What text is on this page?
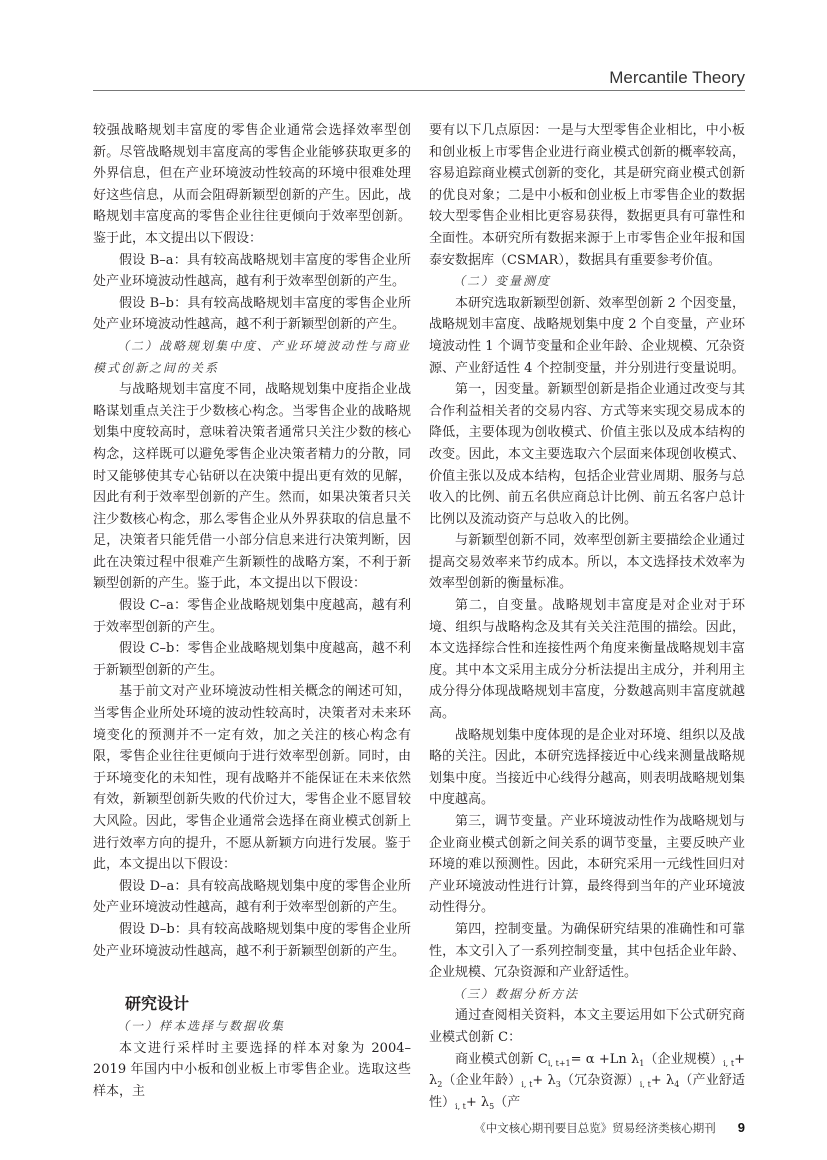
Mercantile Theory

较强战略规划丰富度的零售企业通常会选择效率型创新。尽管战略规划丰富度高的零售企业能够获取更多的外界信息，但在产业环境波动性较高的环境中很难处理好这些信息，从而会阻碍新颖型创新的产生。因此，战略规划丰富度高的零售企业往往更倾向于效率型创新。鉴于此，本文提出以下假设：

假设 B–a：具有较高战略规划丰富度的零售企业所处产业环境波动性越高，越有利于效率型创新的产生。

假设 B–b：具有较高战略规划丰富度的零售企业所处产业环境波动性越高，越不利于新颖型创新的产生。

（二）战略规划集中度、产业环境波动性与商业模式创新之间的关系

与战略规划丰富度不同，战略规划集中度指企业战略谋划重点关注于少数核心构念。当零售企业的战略规划集中度较高时，意味着决策者通常只关注少数的核心构念，这样既可以避免零售企业决策者精力的分散，同时又能够使其专心钻研以在决策中提出更有效的见解，因此有利于效率型创新的产生。然而，如果决策者只关注少数核心构念，那么零售企业从外界获取的信息量不足，决策者只能凭借一小部分信息来进行决策判断，因此在决策过程中很难产生新颖性的战略方案，不利于新颖型创新的产生。鉴于此，本文提出以下假设：

假设 C–a：零售企业战略规划集中度越高，越有利于效率型创新的产生。

假设 C–b：零售企业战略规划集中度越高，越不利于新颖型创新的产生。

基于前文对产业环境波动性相关概念的阐述可知，当零售企业所处环境的波动性较高时，决策者对未来环境变化的预测并不一定有效，加之关注的核心构念有限，零售企业往往更倾向于进行效率型创新。同时，由于环境变化的未知性，现有战略并不能保证在未来依然有效，新颖型创新失败的代价过大，零售企业不愿冒较大风险。因此，零售企业通常会选择在商业模式创新上进行效率方向的提升，不愿从新颖方向进行发展。鉴于此，本文提出以下假设：

假设 D–a：具有较高战略规划集中度的零售企业所处产业环境波动性越高，越有利于效率型创新的产生。

假设 D–b：具有较高战略规划集中度的零售企业所处产业环境波动性越高，越不利于新颖型创新的产生。

研究设计
（一）样本选择与数据收集

本文进行采样时主要选择的样本对象为 2004–2019 年国内中小板和创业板上市零售企业。选取这些样本，主

要有以下几点原因：一是与大型零售企业相比，中小板和创业板上市零售企业进行商业模式创新的概率较高，容易追踪商业模式创新的变化，其是研究商业模式创新的优良对象；二是中小板和创业板上市零售企业的数据较大型零售企业相比更容易获得，数据更具有可靠性和全面性。本研究所有数据来源于上市零售企业年报和国泰安数据库（CSMAR），数据具有重要参考价值。

（二）变量测度

本研究选取新颖型创新、效率型创新 2 个因变量，战略规划丰富度、战略规划集中度 2 个自变量，产业环境波动性 1 个调节变量和企业年龄、企业规模、冗杂资源、产业舒适性 4 个控制变量，并分别进行变量说明。

第一，因变量。新颖型创新是指企业通过改变与其合作利益相关者的交易内容、方式等来实现交易成本的降低，主要体现为创收模式、价值主张以及成本结构的改变。因此，本文主要选取六个层面来体现创收模式、价值主张以及成本结构，包括企业营业周期、服务与总收入的比例、前五名供应商总计比例、前五名客户总计比例以及流动资产与总收入的比例。

与新颖型创新不同，效率型创新主要描绘企业通过提高交易效率来节约成本。所以，本文选择技术效率为效率型创新的衡量标准。

第二，自变量。战略规划丰富度是对企业对于环境、组织与战略构念及其有关关注范围的描绘。因此，本文选择综合性和连接性两个角度来衡量战略规划丰富度。其中本文采用主成分分析法提出主成分，并利用主成分得分体现战略规划丰富度，分数越高则丰富度就越高。

战略规划集中度体现的是企业对环境、组织以及战略的关注。因此，本研究选择接近中心线来测量战略规划集中度。当接近中心线得分越高，则表明战略规划集中度越高。

第三，调节变量。产业环境波动性作为战略规划与企业商业模式创新之间关系的调节变量，主要反映产业环境的难以预测性。因此，本研究采用一元线性回归对产业环境波动性进行计算，最终得到当年的产业环境波动性得分。

第四，控制变量。为确保研究结果的准确性和可靠性，本文引入了一系列控制变量，其中包括企业年龄、企业规模、冗杂资源和产业舒适性。

（三）数据分析方法

通过查阅相关资料，本文主要运用如下公式研究商业模式创新 C：

商业模式创新 $C_{i, t+1}= \alpha +Ln$ $\lambda_1$（企业规模）$_{i, t}+ \lambda_2$（企业年龄）$_{i, t}+ \lambda_3$（冗杂资源）$_{i, t}+ \lambda_4$（产业舒适性）$_{i, t}+ \lambda_5$（产

《中文核心期刊要目总览》贸易经济类核心期刊 9
